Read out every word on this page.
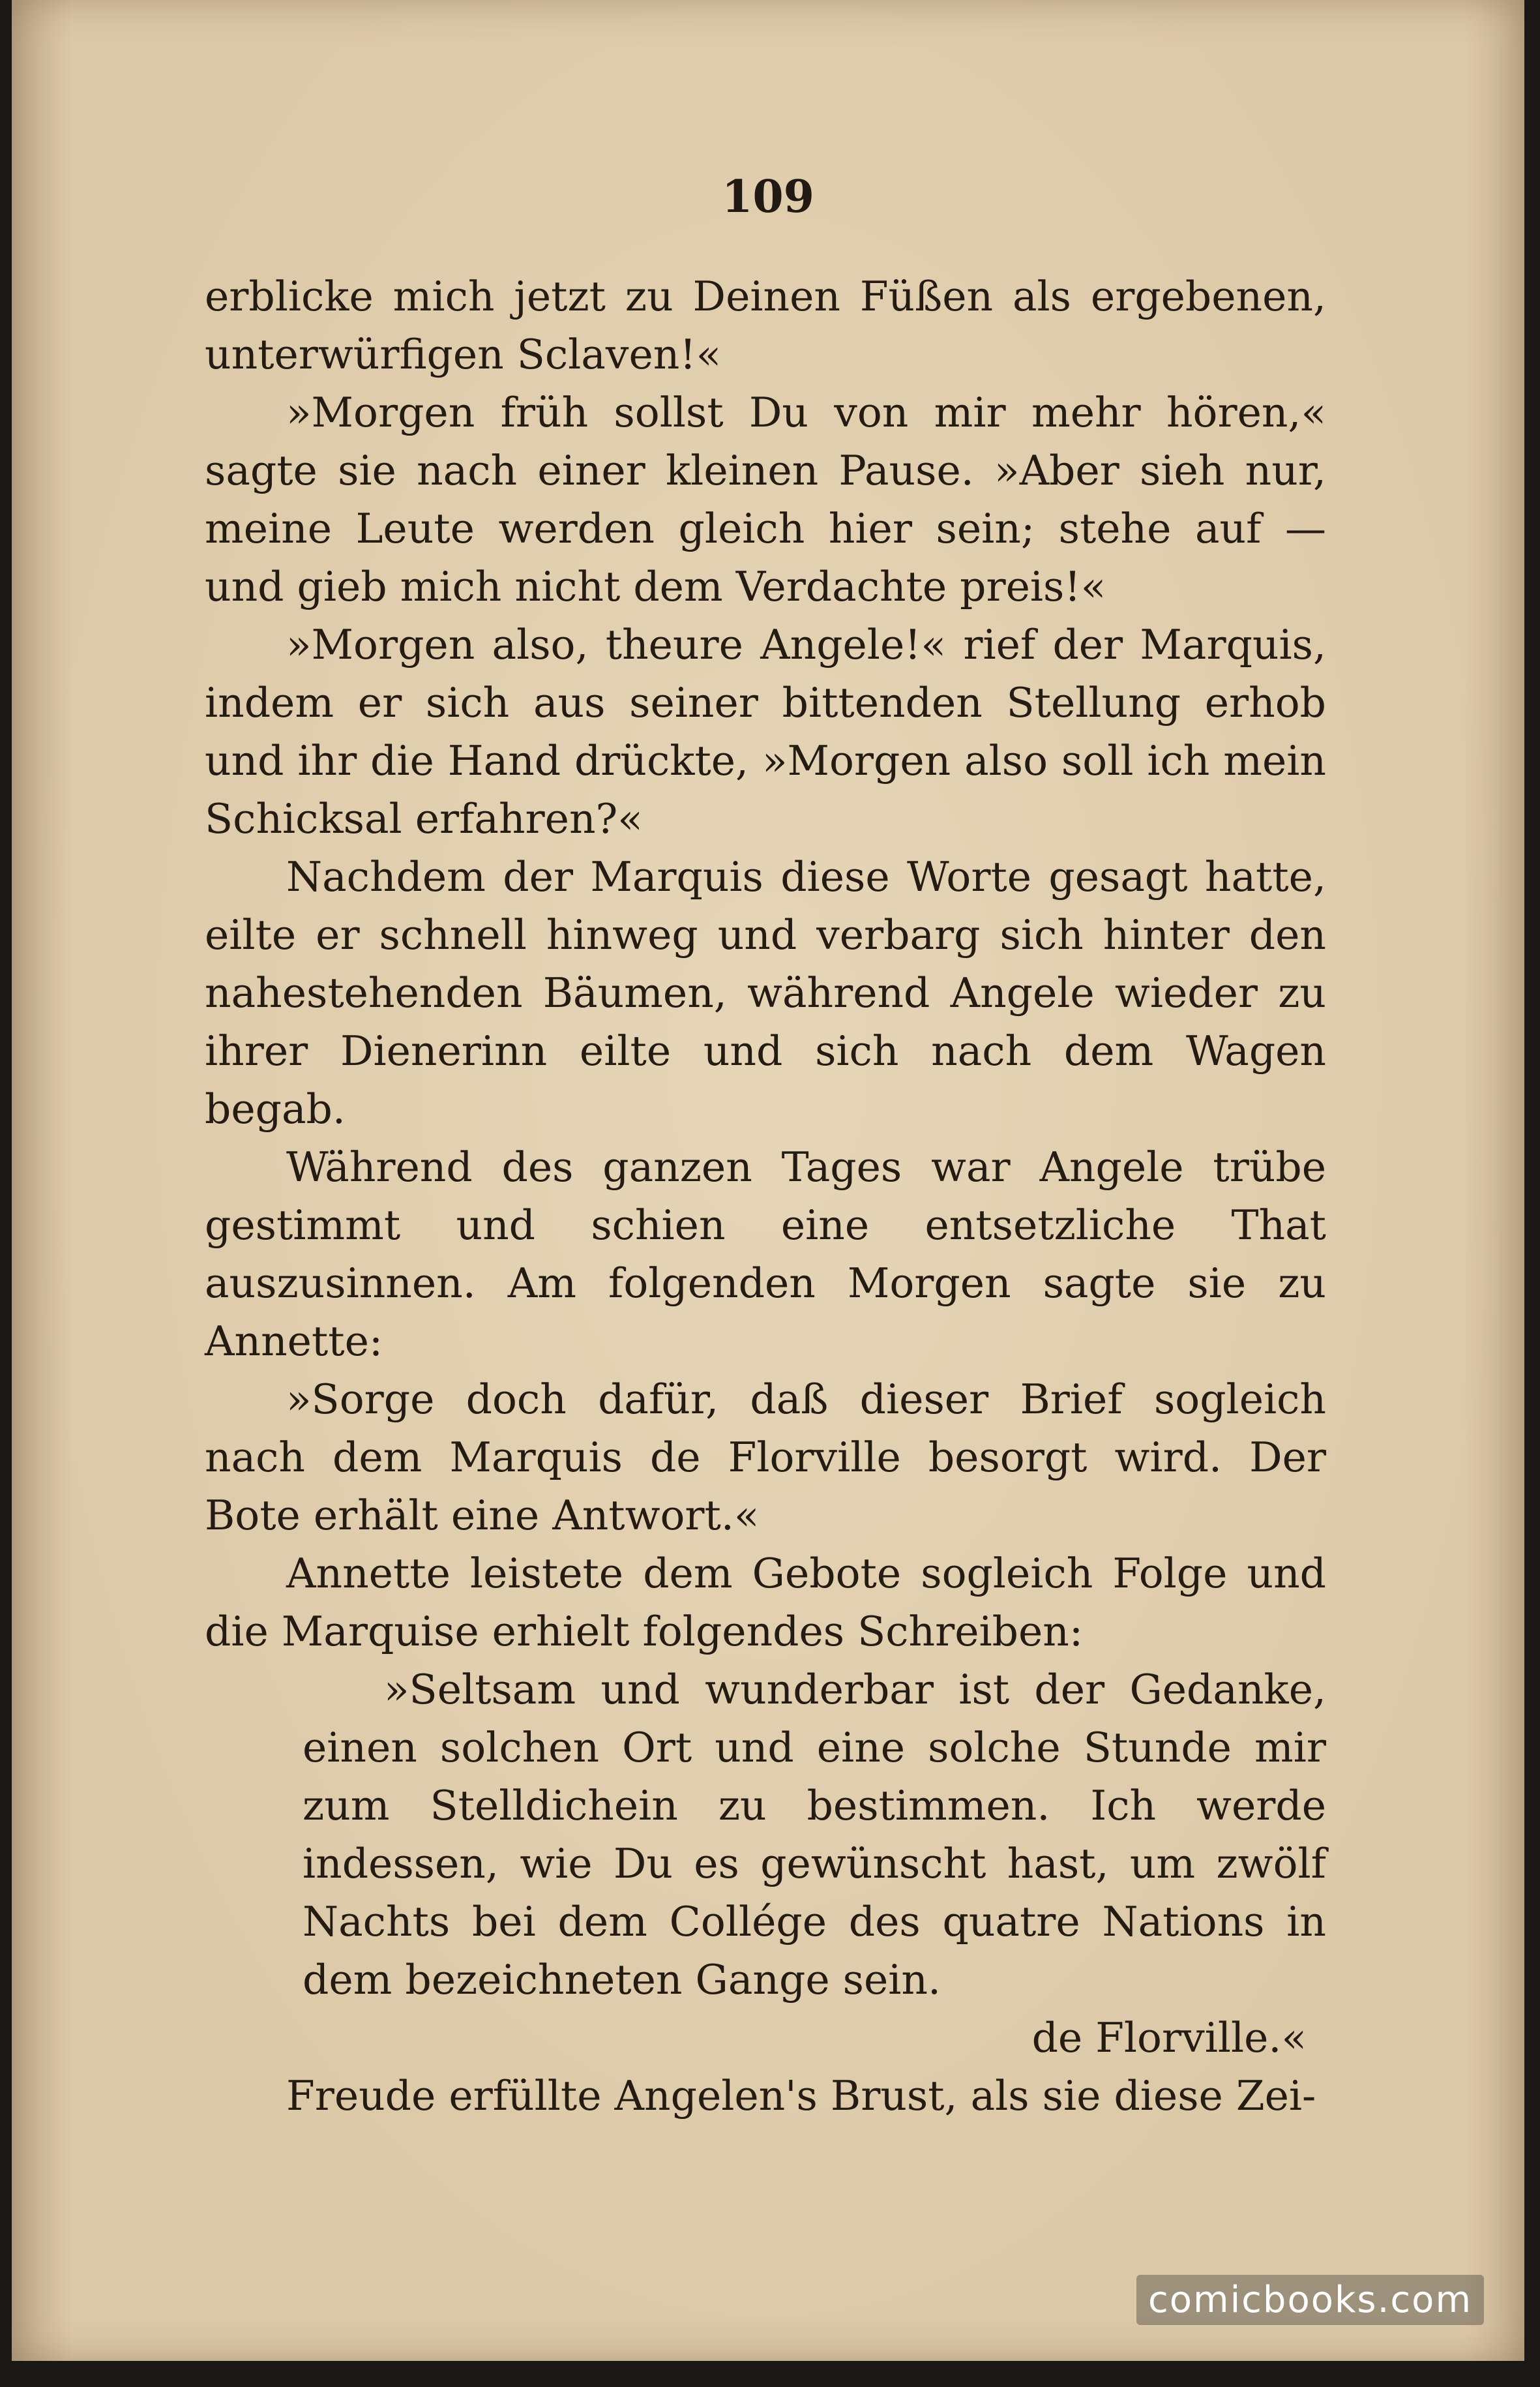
109

erblicke mich jetzt zu Deinen Füßen als ergebenen, unterwürfigen Sclaven!«

»Morgen früh sollst Du von mir mehr hören,« sagte sie nach einer kleinen Pause. »Aber sieh nur, meine Leute werden gleich hier sein; stehe auf — und gieb mich nicht dem Verdachte preis!«

»Morgen also, theure Angele!« rief der Marquis, indem er sich aus seiner bittenden Stellung erhob und ihr die Hand drückte, »Morgen also soll ich mein Schicksal erfahren?«

Nachdem der Marquis diese Worte gesagt hatte, eilte er schnell hinweg und verbarg sich hinter den nahestehenden Bäumen, während Angele wieder zu ihrer Dienerinn eilte und sich nach dem Wagen begab.

Während des ganzen Tages war Angele trübe gestimmt und schien eine entsetzliche That auszusinnen. Am folgenden Morgen sagte sie zu Annette:

»Sorge doch dafür, daß dieser Brief sogleich nach dem Marquis de Florville besorgt wird. Der Bote erhält eine Antwort.«

Annette leistete dem Gebote sogleich Folge und die Marquise erhielt folgendes Schreiben:

»Seltsam und wunderbar ist der Gedanke, einen solchen Ort und eine solche Stunde mir zum Stelldichein zu bestimmen. Ich werde indessen, wie Du es gewünscht hast, um zwölf Nachts bei dem Collége des quatre Nations in dem bezeichneten Gange sein.

de Florville.«

Freude erfüllte Angelen's Brust, als sie diese Zei-

comicbooks.com
